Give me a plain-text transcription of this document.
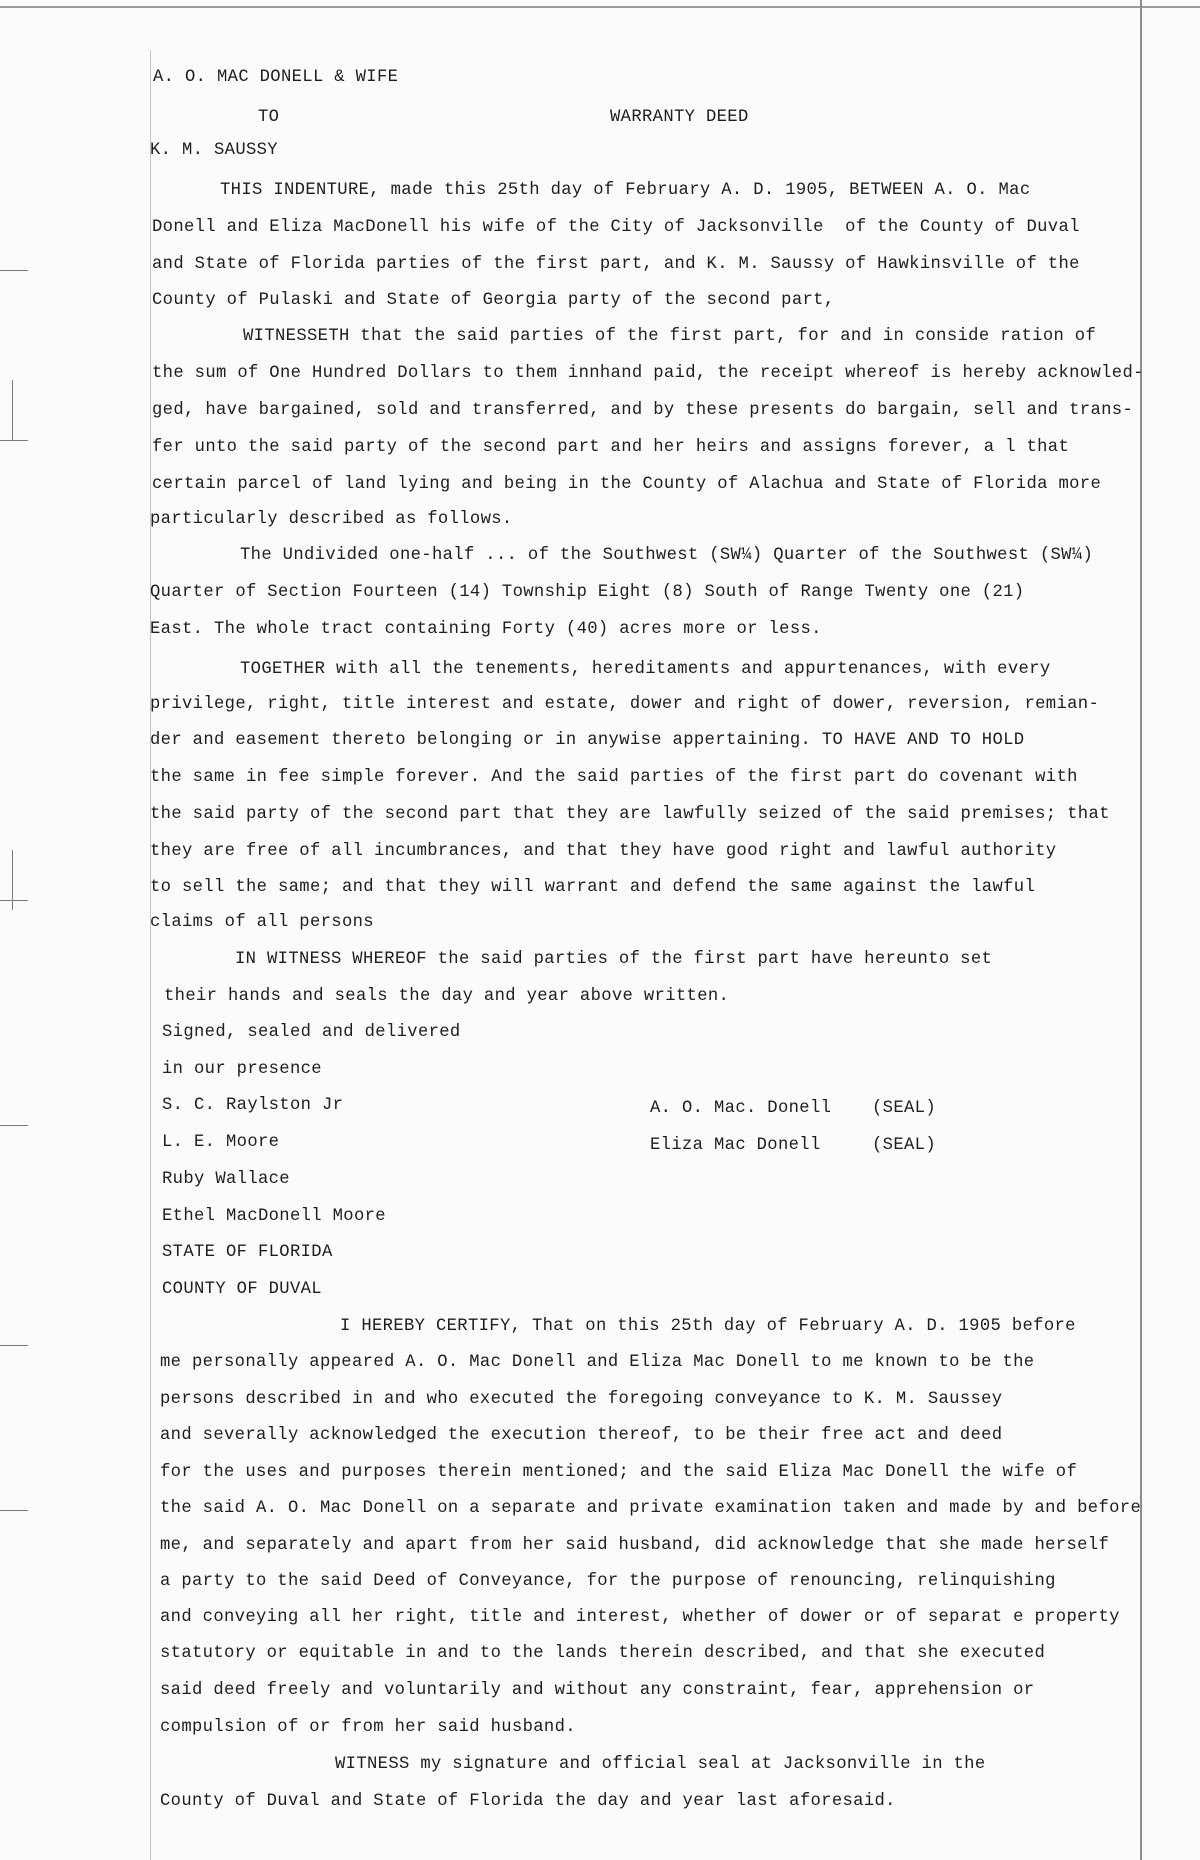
A. O. MAC DONELL & WIFE
TO	WARRANTY DEED
K. M. SAUSSY
THIS INDENTURE, made this 25th day of February A. D. 1905, BETWEEN A. O. Mac
Donell and Eliza MacDonell his wife of the City of Jacksonville  of the County of Duval
and State of Florida parties of the first part, and K. M. Saussy of Hawkinsville of the
County of Pulaski and State of Georgia party of the second part,
WITNESSETH that the said parties of the first part, for and in conside ration of
the sum of One Hundred Dollars to them innhand paid, the receipt whereof is hereby acknowled-
ged, have bargained, sold and transferred, and by these presents do bargain, sell and trans-
fer unto the said party of the second part and her heirs and assigns forever, a l that
certain parcel of land lying and being in the County of Alachua and State of Florida more
particularly described as follows.
The Undivided one-half ... of the Southwest (SW¼) Quarter of the Southwest (SW¼)
Quarter of Section Fourteen (14) Township Eight (8) South of Range Twenty one (21)
East. The whole tract containing Forty (40) acres more or less.
TOGETHER with all the tenements, hereditaments and appurtenances, with every
privilege, right, title interest and estate, dower and right of dower, reversion, remian-
der and easement thereto belonging or in anywise appertaining. TO HAVE AND TO HOLD
the same in fee simple forever. And the said parties of the first part do covenant with
the said party of the second part that they are lawfully seized of the said premises; that
they are free of all incumbrances, and that they have good right and lawful authority
to sell the same; and that they will warrant and defend the same against the lawful
claims of all persons
IN WITNESS WHEREOF the said parties of the first part have hereunto set
their hands and seals the day and year above written.
Signed, sealed and delivered
in our presence
S. C. Raylston Jr
L. E. Moore
Ruby Wallace
Ethel MacDonell Moore
A. O. Mac. Donell (SEAL)
Eliza Mac Donell	(SEAL)
STATE OF FLORIDA
COUNTY OF DUVAL
I HEREBY CERTIFY, That on this 25th day of February A. D. 1905 before
me personally appeared A. O. Mac Donell and Eliza Mac Donell to me known to be the
persons described in and who executed the foregoing conveyance to K. M. Saussey
and severally acknowledged the execution thereof, to be their free act and deed
for the uses and purposes therein mentioned; and the said Eliza Mac Donell the wife of
the said A. O. Mac Donell on a separate and private examination taken and made by and before
me, and separately and apart from her said husband, did acknowledge that she made herself
a party to the said Deed of Conveyance, for the purpose of renouncing, relinquishing
and conveying all her right, title and interest, whether of dower or of separat e property
statutory or equitable in and to the lands therein described, and that she executed
said deed freely and voluntarily and without any constraint, fear, apprehension or
compulsion of or from her said husband.
WITNESS my signature and official seal at Jacksonville in the
County of Duval and State of Florida the day and year last aforesaid.
